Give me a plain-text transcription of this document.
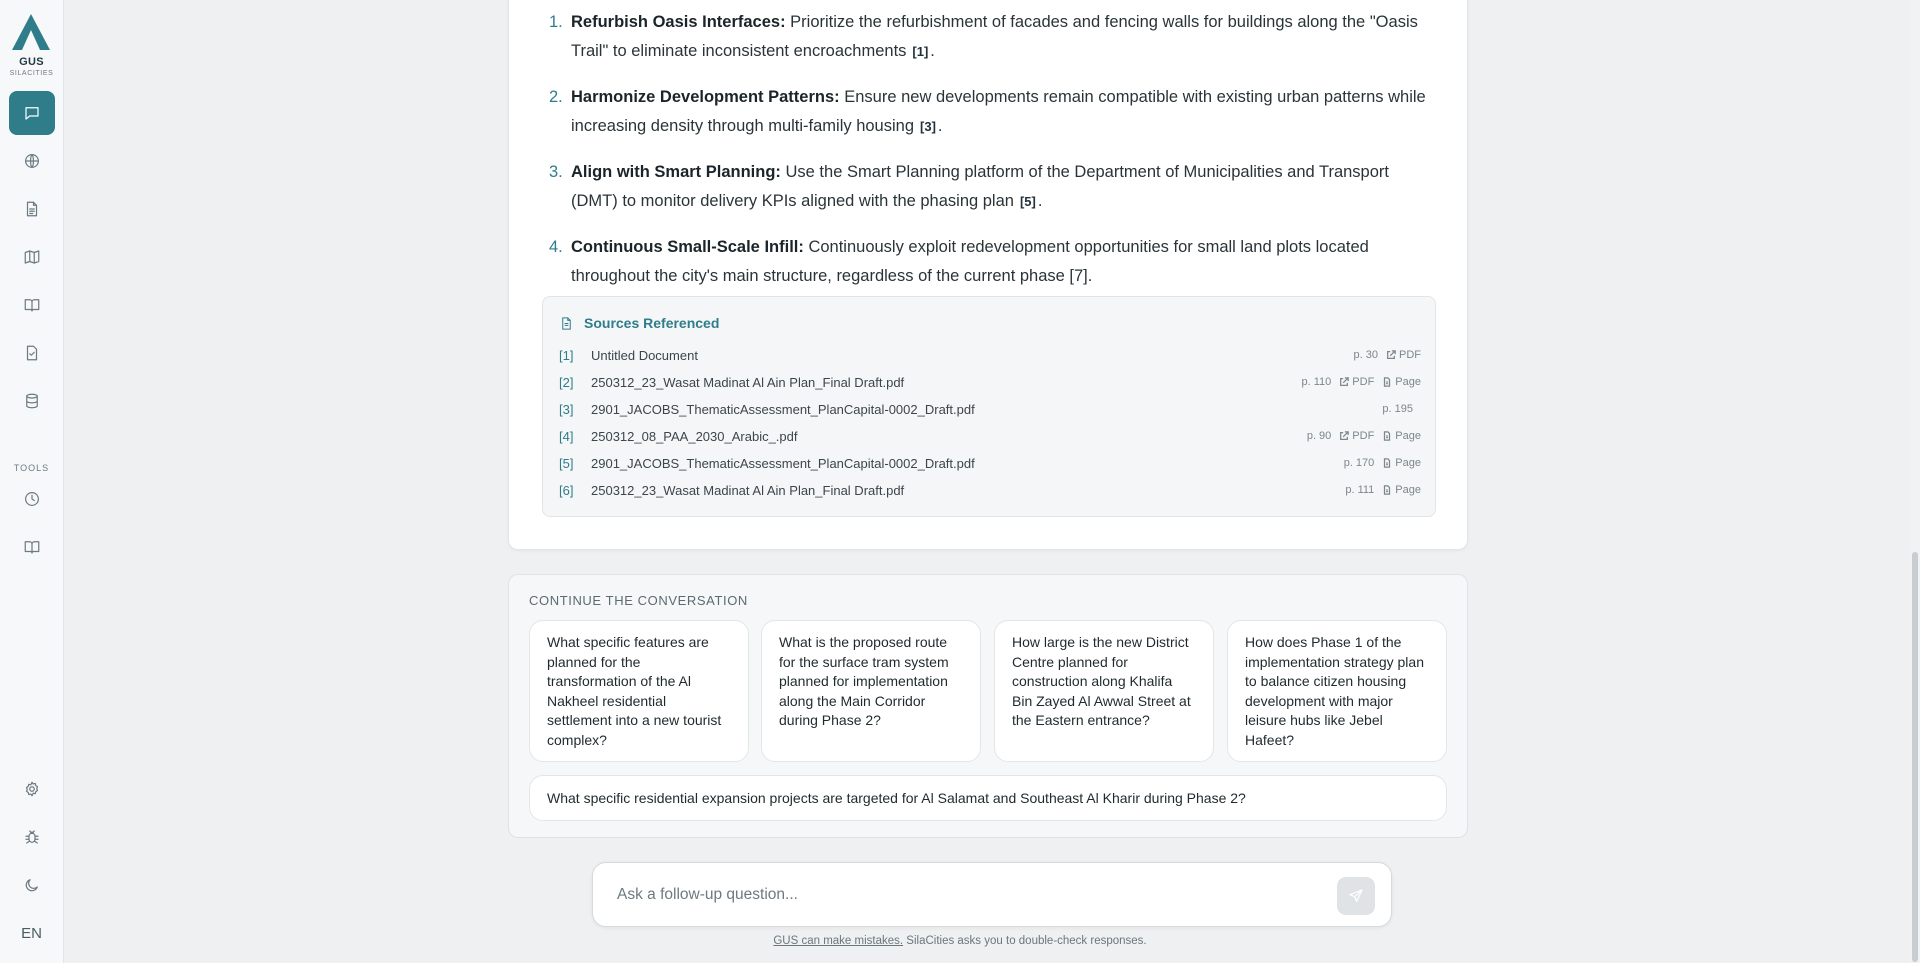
GUS
SILACITIES
TOOLS
EN
1. Refurbish Oasis Interfaces: Prioritize the refurbishment of facades and fencing walls for buildings along the "Oasis Trail" to eliminate inconsistent encroachments [1] .
2. Harmonize Development Patterns: Ensure new developments remain compatible with existing urban patterns while increasing density through multi-family housing [3] .
3. Align with Smart Planning: Use the Smart Planning platform of the Department of Municipalities and Transport (DMT) to monitor delivery KPIs aligned with the phasing plan [5] .
4. Continuous Small-Scale Infill: Continuously exploit redevelopment opportunities for small land plots located throughout the city's main structure, regardless of the current phase [7].
Sources Referenced
[1]	Untitled Document	p. 30 PDF
[2]	250312_23_Wasat Madinat Al Ain Plan_Final Draft.pdf	p. 110 PDF Page
[3]	2901_JACOBS_ThematicAssessment_PlanCapital-0002_Draft.pdf	p. 195
[4]	250312_08_PAA_2030_Arabic_.pdf	p. 90 PDF Page
[5]	2901_JACOBS_ThematicAssessment_PlanCapital-0002_Draft.pdf	p. 170 Page
[6]	250312_23_Wasat Madinat Al Ain Plan_Final Draft.pdf	p. 111 Page
CONTINUE THE CONVERSATION
What specific features are planned for the transformation of the Al Nakheel residential settlement into a new tourist complex?
What is the proposed route for the surface tram system planned for implementation along the Main Corridor during Phase 2?
How large is the new District Centre planned for construction along Khalifa Bin Zayed Al Awwal Street at the Eastern entrance?
How does Phase 1 of the implementation strategy plan to balance citizen housing development with major leisure hubs like Jebel Hafeet?
What specific residential expansion projects are targeted for Al Salamat and Southeast Al Kharir during Phase 2?
Ask a follow-up question...
GUS can make mistakes. SilaCities asks you to double-check responses.
